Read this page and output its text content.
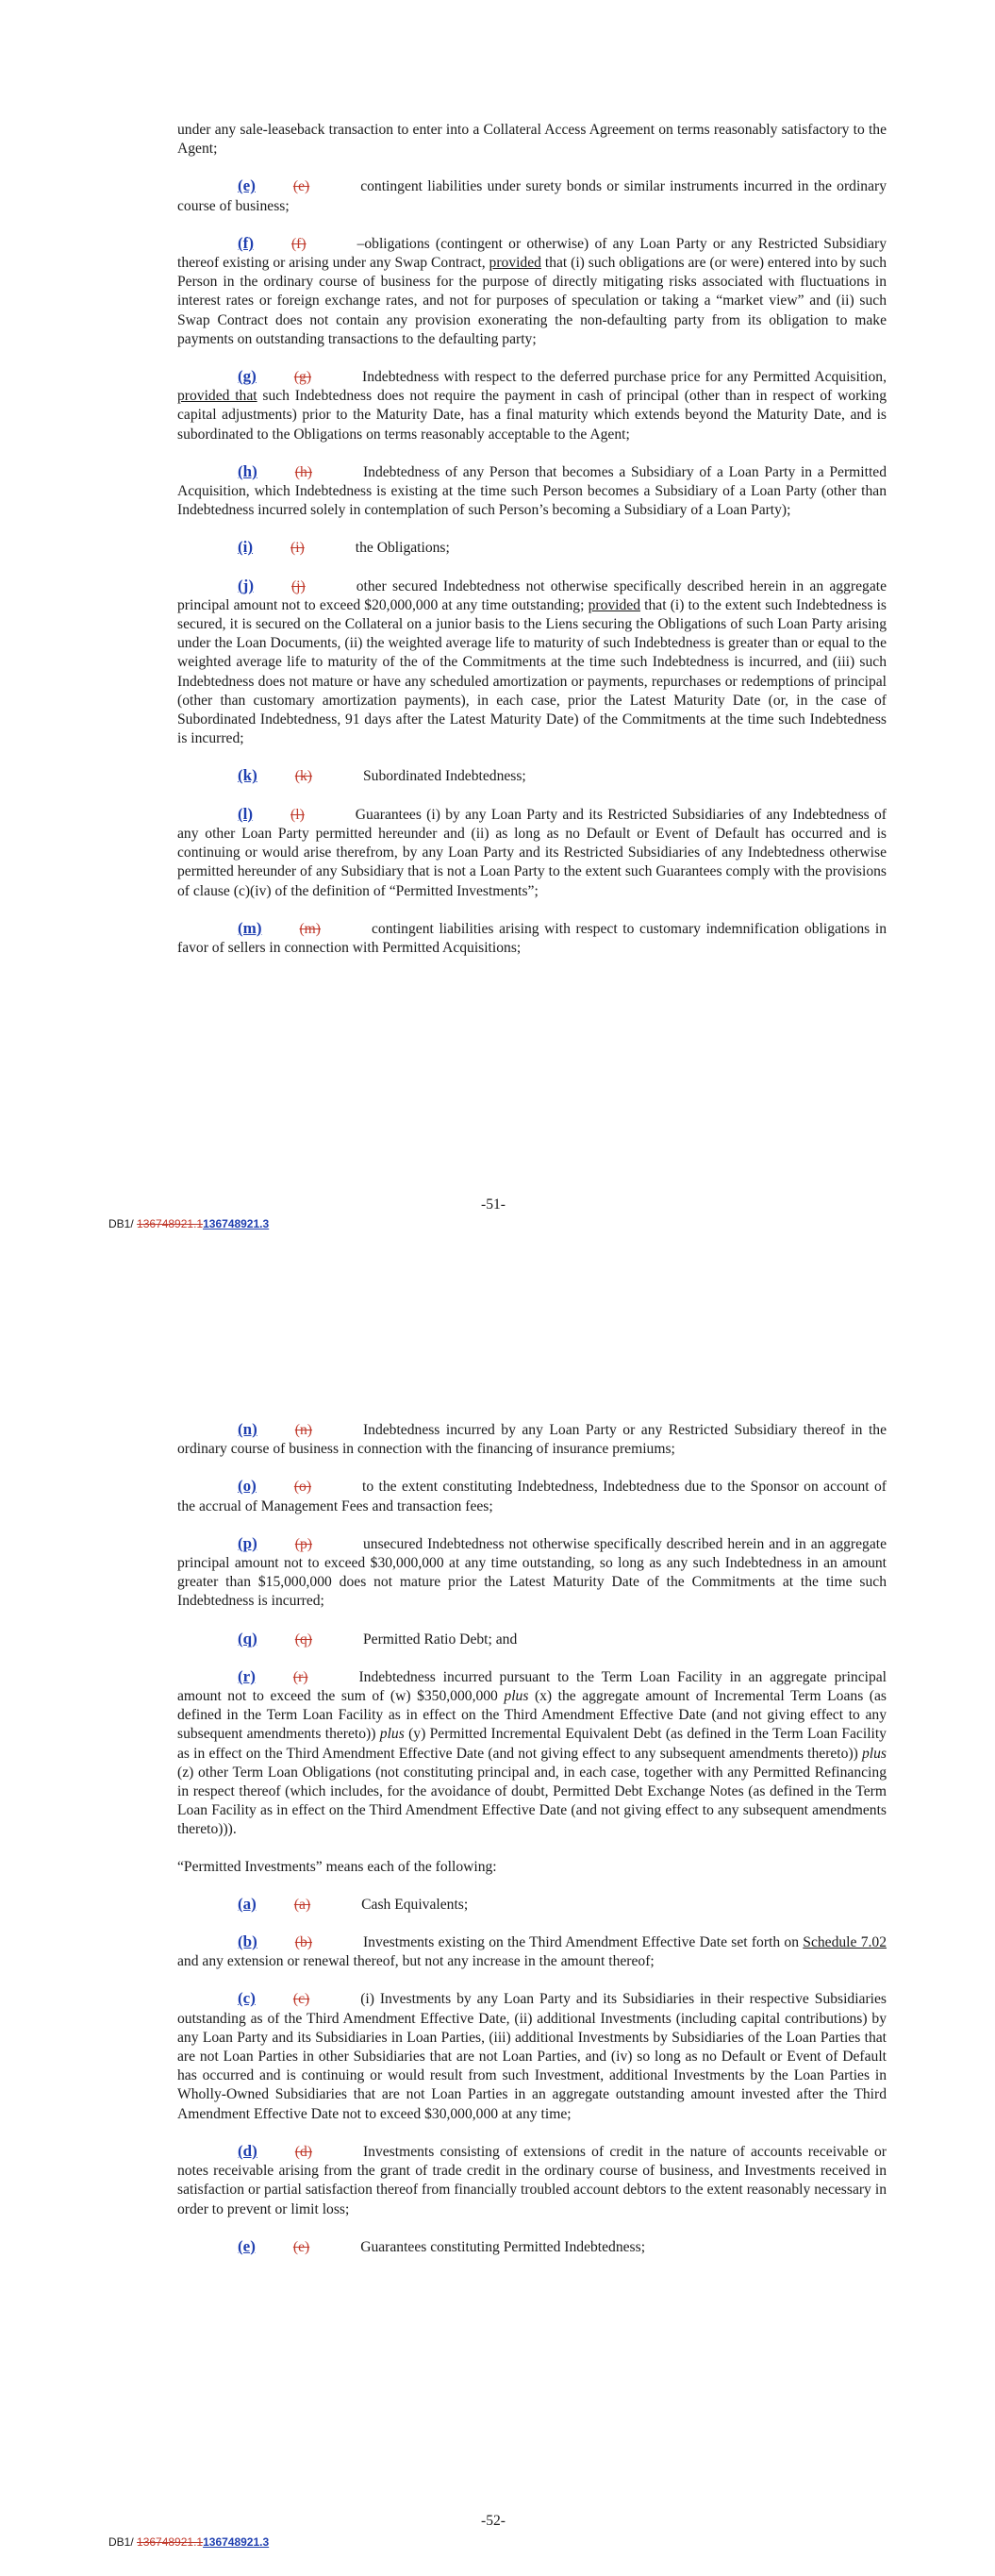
under any sale-leaseback transaction to enter into a Collateral Access Agreement on terms reasonably satisfactory to the Agent;

(e)	(e)	contingent liabilities under surety bonds or similar instruments incurred in the ordinary course of business;

(f)	(f)	–obligations (contingent or otherwise) of any Loan Party or any Restricted Subsidiary thereof existing or arising under any Swap Contract, provided that (i) such obligations are (or were) entered into by such Person in the ordinary course of business for the purpose of directly mitigating risks associated with fluctuations in interest rates or foreign exchange rates, and not for purposes of speculation or taking a “market view” and (ii) such Swap Contract does not contain any provision exonerating the non-defaulting party from its obligation to make payments on outstanding transactions to the defaulting party;

(g)	(g)	Indebtedness with respect to the deferred purchase price for any Permitted Acquisition, provided that such Indebtedness does not require the payment in cash of principal (other than in respect of working capital adjustments) prior to the Maturity Date, has a final maturity which extends beyond the Maturity Date, and is subordinated to the Obligations on terms reasonably acceptable to the Agent;

(h)	(h)	Indebtedness of any Person that becomes a Subsidiary of a Loan Party in a Permitted Acquisition, which Indebtedness is existing at the time such Person becomes a Subsidiary of a Loan Party (other than Indebtedness incurred solely in contemplation of such Person’s becoming a Subsidiary of a Loan Party);

(i)	(i)	the Obligations;

(j)	(j)	other secured Indebtedness not otherwise specifically described herein in an aggregate principal amount not to exceed $20,000,000 at any time outstanding; provided that (i) to the extent such Indebtedness is secured, it is secured on the Collateral on a junior basis to the Liens securing the Obligations of such Loan Party arising under the Loan Documents, (ii) the weighted average life to maturity of such Indebtedness is greater than or equal to the weighted average life to maturity of the of the Commitments at the time such Indebtedness is incurred, and (iii) such Indebtedness does not mature or have any scheduled amortization or payments, repurchases or redemptions of principal (other than customary amortization payments), in each case, prior the Latest Maturity Date (or, in the case of Subordinated Indebtedness, 91 days after the Latest Maturity Date) of the Commitments at the time such Indebtedness is incurred;

(k)	(k)	Subordinated Indebtedness;

(l)	(l)	Guarantees (i) by any Loan Party and its Restricted Subsidiaries of any Indebtedness of any other Loan Party permitted hereunder and (ii) as long as no Default or Event of Default has occurred and is continuing or would arise therefrom, by any Loan Party and its Restricted Subsidiaries of any Indebtedness otherwise permitted hereunder of any Subsidiary that is not a Loan Party to the extent such Guarantees comply with the provisions of clause (c)(iv) of the definition of “Permitted Investments”;

(m)	(m)	contingent liabilities arising with respect to customary indemnification obligations in favor of sellers in connection with Permitted Acquisitions;

-51-
DB1/ 136748921.1136748921.3

(n)	(n)	Indebtedness incurred by any Loan Party or any Restricted Subsidiary thereof in the ordinary course of business in connection with the financing of insurance premiums;

(o)	(o)	to the extent constituting Indebtedness, Indebtedness due to the Sponsor on account of the accrual of Management Fees and transaction fees;

(p)	(p)	unsecured Indebtedness not otherwise specifically described herein and in an aggregate principal amount not to exceed $30,000,000 at any time outstanding, so long as any such Indebtedness in an amount greater than $15,000,000 does not mature prior the Latest Maturity Date of the Commitments at the time such Indebtedness is incurred;

(q)	(q)	Permitted Ratio Debt; and

(r)	(r)	Indebtedness incurred pursuant to the Term Loan Facility in an aggregate principal amount not to exceed the sum of (w) $350,000,000 plus (x) the aggregate amount of Incremental Term Loans (as defined in the Term Loan Facility as in effect on the Third Amendment Effective Date (and not giving effect to any subsequent amendments thereto)) plus (y) Permitted Incremental Equivalent Debt (as defined in the Term Loan Facility as in effect on the Third Amendment Effective Date (and not giving effect to any subsequent amendments thereto)) plus (z) other Term Loan Obligations (not constituting principal and, in each case, together with any Permitted Refinancing in respect thereof (which includes, for the avoidance of doubt, Permitted Debt Exchange Notes (as defined in the Term Loan Facility as in effect on the Third Amendment Effective Date (and not giving effect to any subsequent amendments thereto))).

“Permitted Investments” means each of the following:

(a)	(a)	Cash Equivalents;

(b)	(b)	Investments existing on the Third Amendment Effective Date set forth on Schedule 7.02 and any extension or renewal thereof, but not any increase in the amount thereof;

(c)	(c)	(i) Investments by any Loan Party and its Subsidiaries in their respective Subsidiaries outstanding as of the Third Amendment Effective Date, (ii) additional Investments (including capital contributions) by any Loan Party and its Subsidiaries in Loan Parties, (iii) additional Investments by Subsidiaries of the Loan Parties that are not Loan Parties in other Subsidiaries that are not Loan Parties, and (iv) so long as no Default or Event of Default has occurred and is continuing or would result from such Investment, additional Investments by the Loan Parties in Wholly-Owned Subsidiaries that are not Loan Parties in an aggregate outstanding amount invested after the Third Amendment Effective Date not to exceed $30,000,000 at any time;

(d)	(d)	Investments consisting of extensions of credit in the nature of accounts receivable or notes receivable arising from the grant of trade credit in the ordinary course of business, and Investments received in satisfaction or partial satisfaction thereof from financially troubled account debtors to the extent reasonably necessary in order to prevent or limit loss;

(e)	(e)	Guarantees constituting Permitted Indebtedness;

-52-
DB1/ 136748921.1136748921.3
